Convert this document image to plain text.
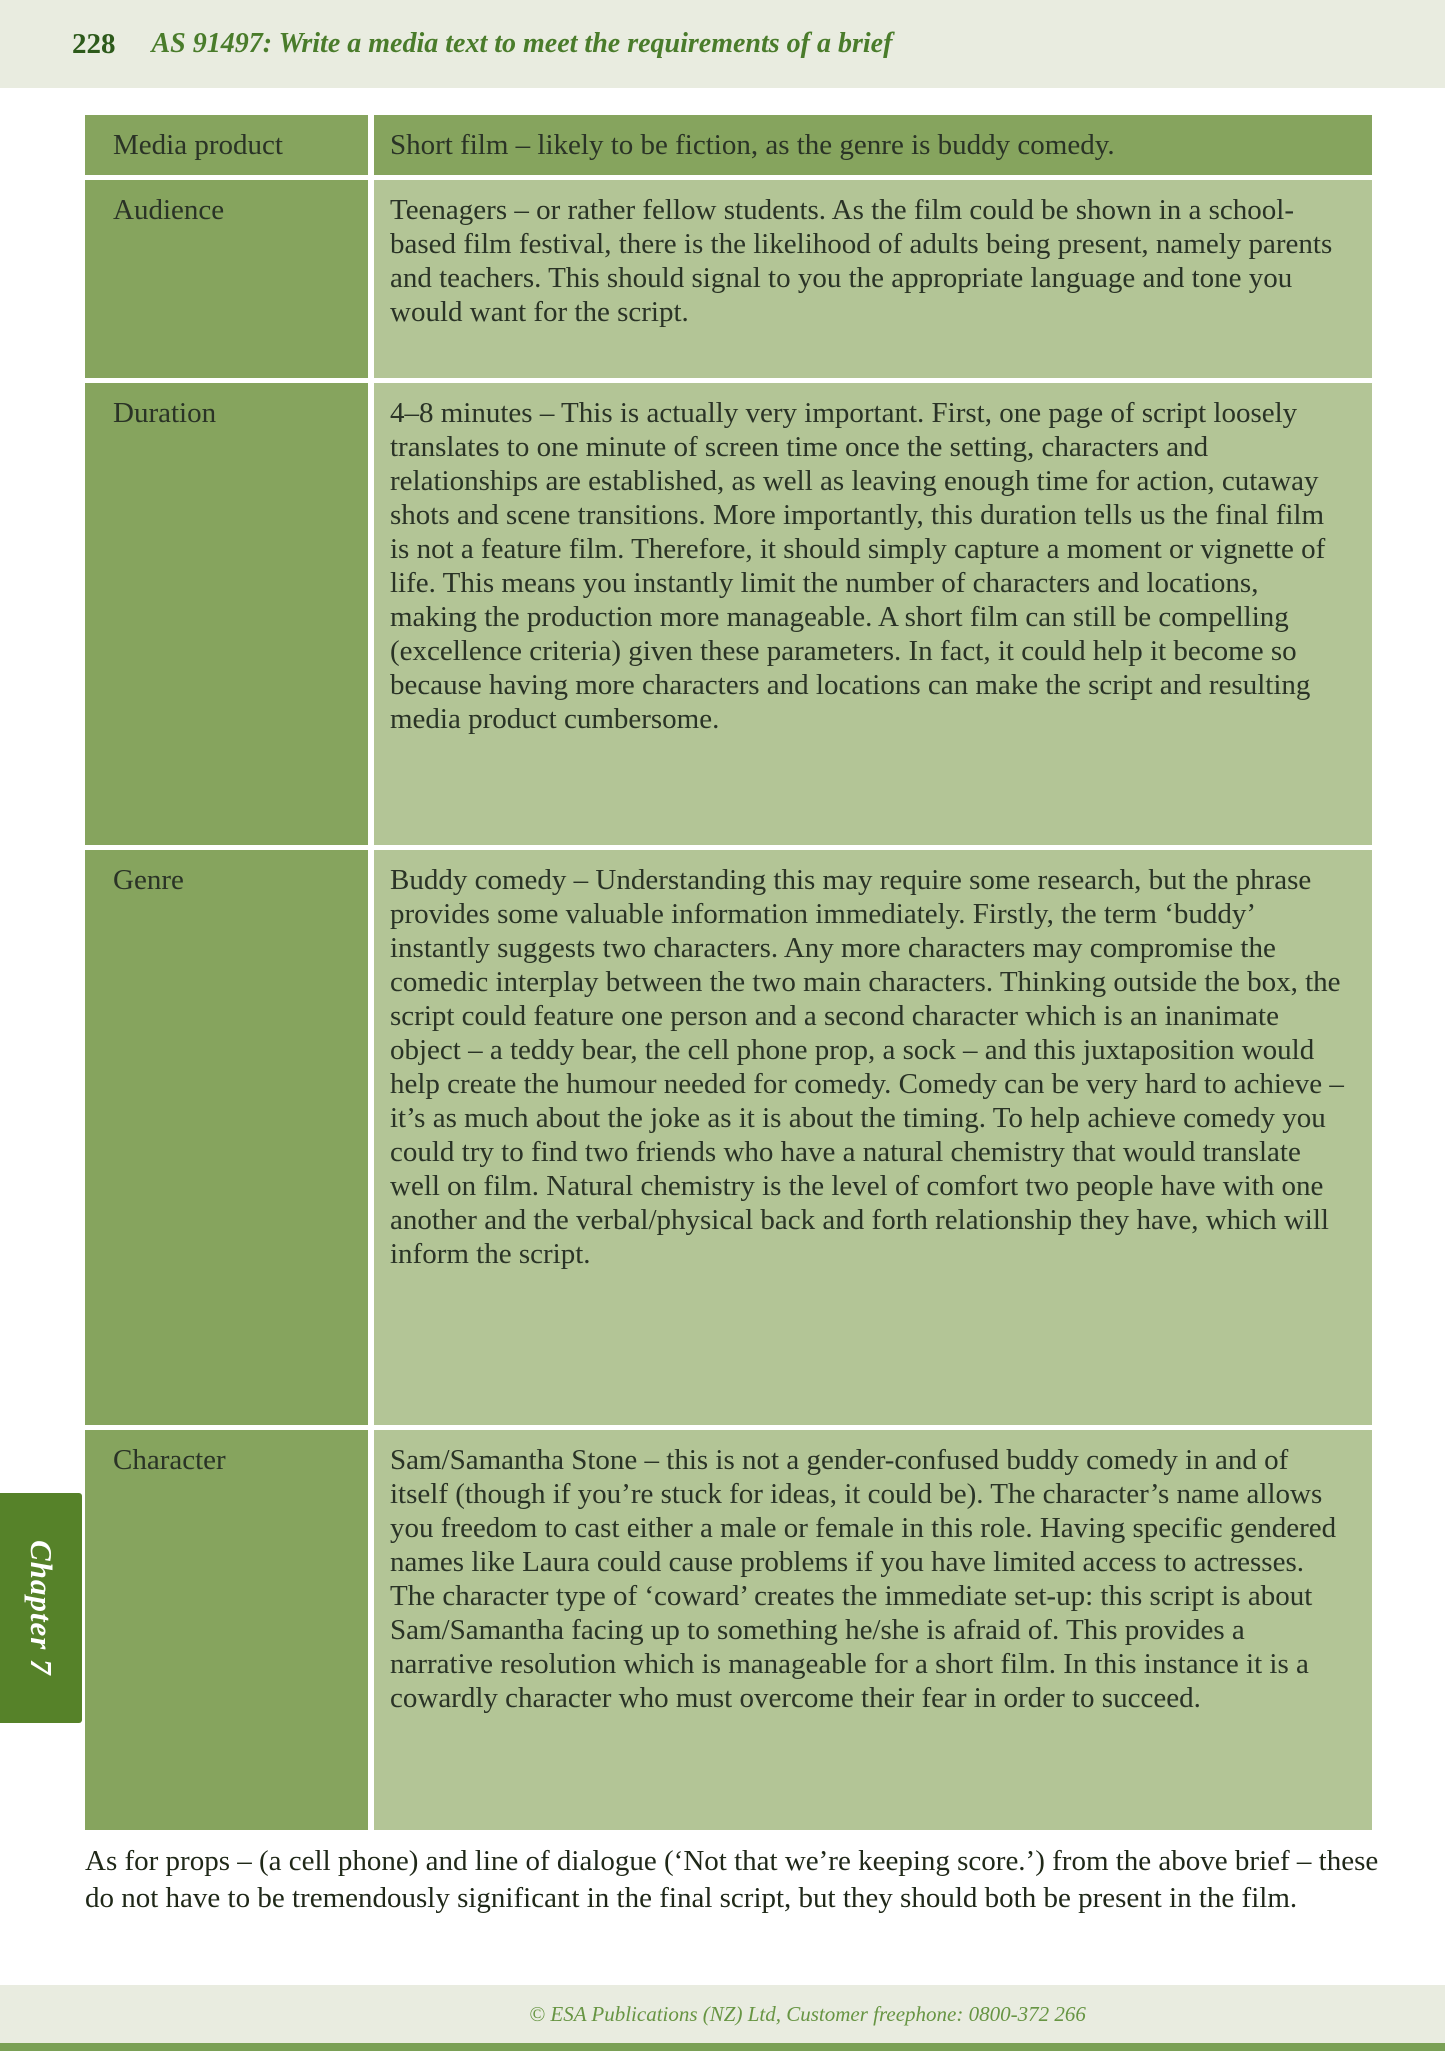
228 AS 91497: Write a media text to meet the requirements of a brief
Media product	Short film – likely to be fiction, as the genre is buddy comedy.
Audience	Teenagers – or rather fellow students. As the film could be shown in a school-based film festival, there is the likelihood of adults being present, namely parents and teachers. This should signal to you the appropriate language and tone you would want for the script.
Duration	4–8 minutes – This is actually very important. First, one page of script loosely translates to one minute of screen time once the setting, characters and relationships are established, as well as leaving enough time for action, cutaway shots and scene transitions. More importantly, this duration tells us the final film is not a feature film. Therefore, it should simply capture a moment or vignette of life. This means you instantly limit the number of characters and locations, making the production more manageable. A short film can still be compelling (excellence criteria) given these parameters. In fact, it could help it become so because having more characters and locations can make the script and resulting media product cumbersome.
Genre	Buddy comedy – Understanding this may require some research, but the phrase provides some valuable information immediately. Firstly, the term ‘buddy’ instantly suggests two characters. Any more characters may compromise the comedic interplay between the two main characters. Thinking outside the box, the script could feature one person and a second character which is an inanimate object – a teddy bear, the cell phone prop, a sock – and this juxtaposition would help create the humour needed for comedy. Comedy can be very hard to achieve – it’s as much about the joke as it is about the timing. To help achieve comedy you could try to find two friends who have a natural chemistry that would translate well on film. Natural chemistry is the level of comfort two people have with one another and the verbal/physical back and forth relationship they have, which will inform the script.
Character	Sam/Samantha Stone – this is not a gender-confused buddy comedy in and of itself (though if you’re stuck for ideas, it could be). The character’s name allows you freedom to cast either a male or female in this role. Having specific gendered names like Laura could cause problems if you have limited access to actresses. The character type of ‘coward’ creates the immediate set-up: this script is about Sam/Samantha facing up to something he/she is afraid of. This provides a narrative resolution which is manageable for a short film. In this instance it is a cowardly character who must overcome their fear in order to succeed.

As for props – (a cell phone) and line of dialogue (‘Not that we’re keeping score.’) from the above brief – these do not have to be tremendously significant in the final script, but they should both be present in the film.

Chapter 7
© ESA Publications (NZ) Ltd, Customer freephone: 0800-372 266
